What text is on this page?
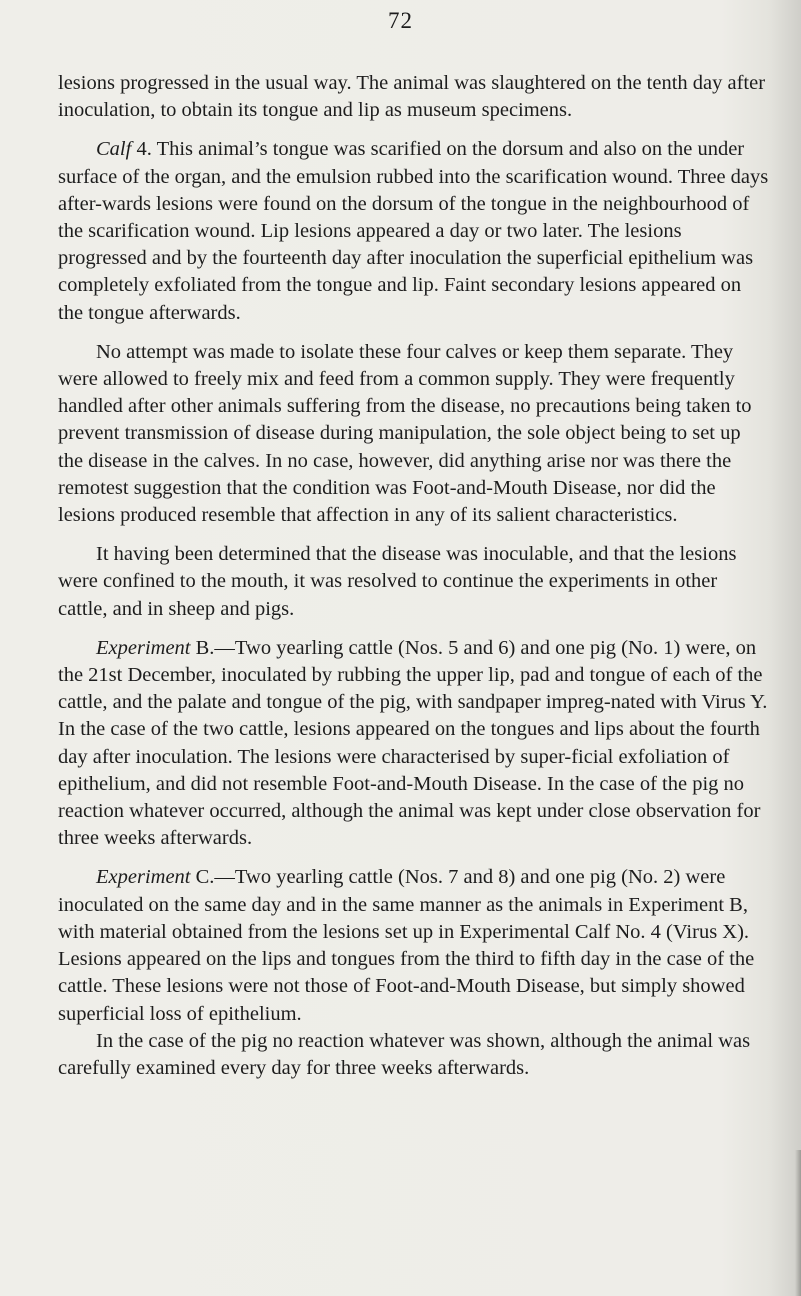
72

lesions progressed in the usual way. The animal was slaughtered on the tenth day after inoculation, to obtain its tongue and lip as museum specimens.

Calf 4. This animal’s tongue was scarified on the dorsum and also on the under surface of the organ, and the emulsion rubbed into the scarification wound. Three days after-wards lesions were found on the dorsum of the tongue in the neighbourhood of the scarification wound. Lip lesions appeared a day or two later. The lesions progressed and by the fourteenth day after inoculation the superficial epithelium was completely exfoliated from the tongue and lip. Faint secondary lesions appeared on the tongue afterwards.

No attempt was made to isolate these four calves or keep them separate. They were allowed to freely mix and feed from a common supply. They were frequently handled after other animals suffering from the disease, no precautions being taken to prevent transmission of disease during manipulation, the sole object being to set up the disease in the calves. In no case, however, did anything arise nor was there the remotest suggestion that the condition was Foot-and-Mouth Disease, nor did the lesions produced resemble that affection in any of its salient characteristics.

It having been determined that the disease was inoculable, and that the lesions were confined to the mouth, it was resolved to continue the experiments in other cattle, and in sheep and pigs.

Experiment B.—Two yearling cattle (Nos. 5 and 6) and one pig (No. 1) were, on the 21st December, inoculated by rubbing the upper lip, pad and tongue of each of the cattle, and the palate and tongue of the pig, with sandpaper impreg-nated with Virus Y. In the case of the two cattle, lesions appeared on the tongues and lips about the fourth day after inoculation. The lesions were characterised by super-ficial exfoliation of epithelium, and did not resemble Foot-and-Mouth Disease. In the case of the pig no reaction whatever occurred, although the animal was kept under close observation for three weeks afterwards.

Experiment C.—Two yearling cattle (Nos. 7 and 8) and one pig (No. 2) were inoculated on the same day and in the same manner as the animals in Experiment B, with material obtained from the lesions set up in Experimental Calf No. 4 (Virus X). Lesions appeared on the lips and tongues from the third to fifth day in the case of the cattle. These lesions were not those of Foot-and-Mouth Disease, but simply showed superficial loss of epithelium.

In the case of the pig no reaction whatever was shown, although the animal was carefully examined every day for three weeks afterwards.
